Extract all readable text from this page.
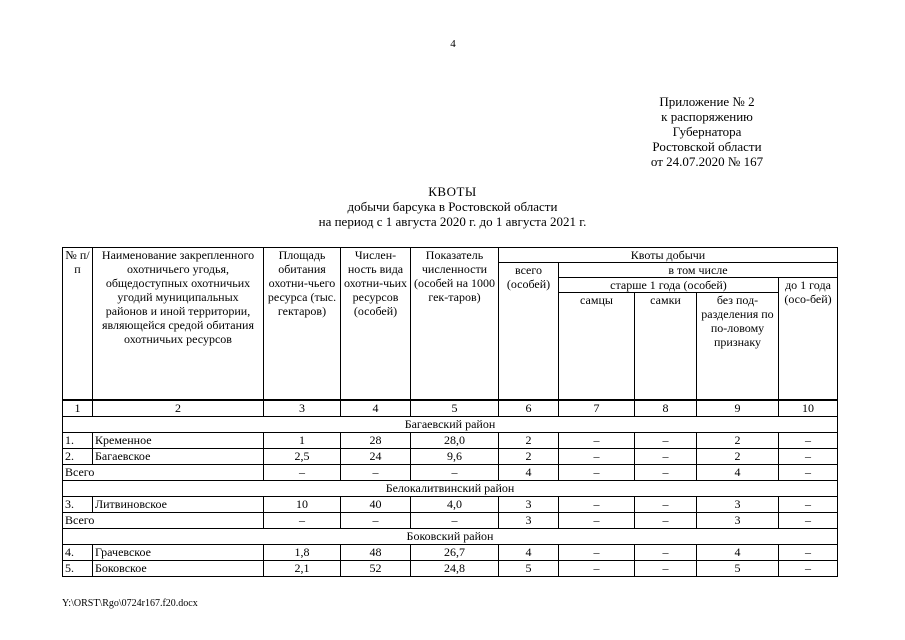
4
Приложение № 2
к распоряжению
Губернатора
Ростовской области
от 24.07.2020 № 167
КВОТЫ
добычи барсука в Ростовской области
на период с 1 августа 2020 г. до 1 августа 2021 г.
№ п/п	Наименование закрепленного охотничьего угодья, общедоступных охотничьих угодий муниципальных районов и иной территории, являющейся средой обитания охотничьих ресурсов	Площадь обитания охотни-чьего ресурса (тыс. гектаров)	Числен-ность вида охотни-чьих ресурсов (особей)	Показатель численности (особей на 1000 гек-таров)	Квоты добычи				
					всего (особей)	в том числе			
						старше 1 года (особей)			до 1 года (осо-бей)
						самцы	самки	без под-разделения по по-ловому признаку	
1	2	3	4	5	6	7	8	9	10
Багаевский район									
1.	Кременное	1	28	28,0	2	–	–	2	–
2.	Багаевское	2,5	24	9,6	2	–	–	2	–
Всего		–	–	–	4	–	–	4	–
Белокалитвинский район									
3.	Литвиновское	10	40	4,0	3	–	–	3	–
Всего		–	–	–	3	–	–	3	–
Боковский район									
4.	Грачевское	1,8	48	26,7	4	–	–	4	–
5.	Боковское	2,1	52	24,8	5	–	–	5	–
Y:\ORST\Rgo\0724r167.f20.docx
